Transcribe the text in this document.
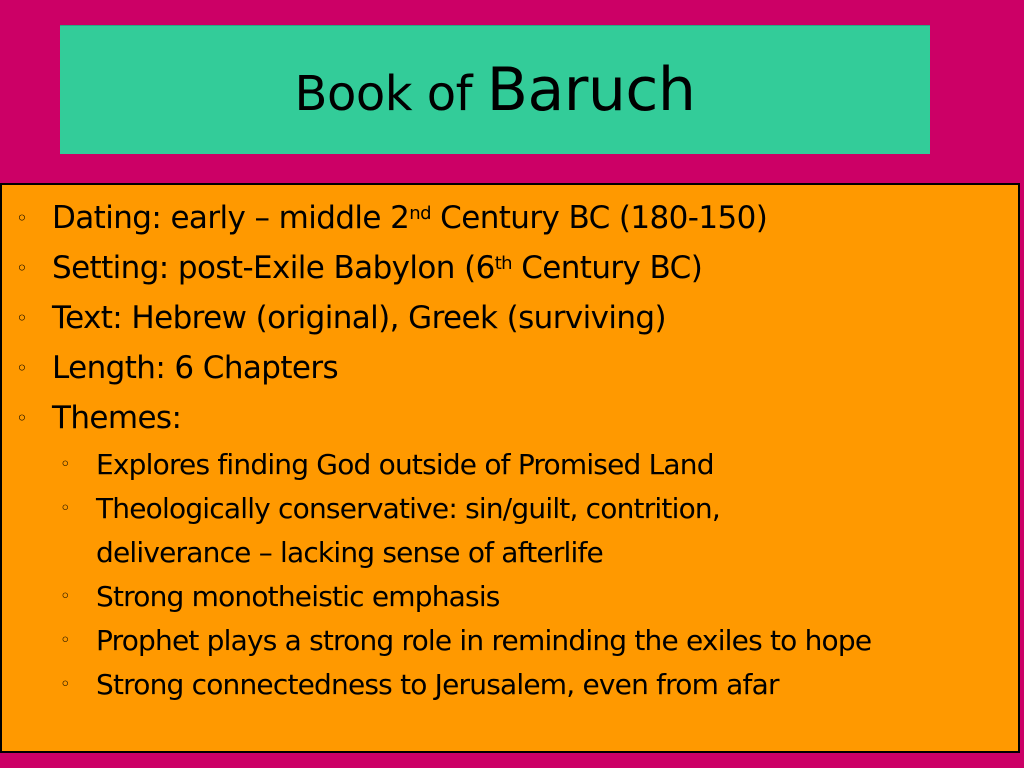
Book of Baruch
◦ Dating: early – middle 2nd Century BC (180-150)
◦ Setting: post-Exile Babylon (6th Century BC)
◦ Text: Hebrew (original), Greek (surviving)
◦ Length: 6 Chapters
◦ Themes:
◦ Explores finding God outside of Promised Land
◦ Theologically conservative: sin/guilt, contrition,
deliverance – lacking sense of afterlife
◦ Strong monotheistic emphasis
◦ Prophet plays a strong role in reminding the exiles to hope
◦ Strong connectedness to Jerusalem, even from afar
